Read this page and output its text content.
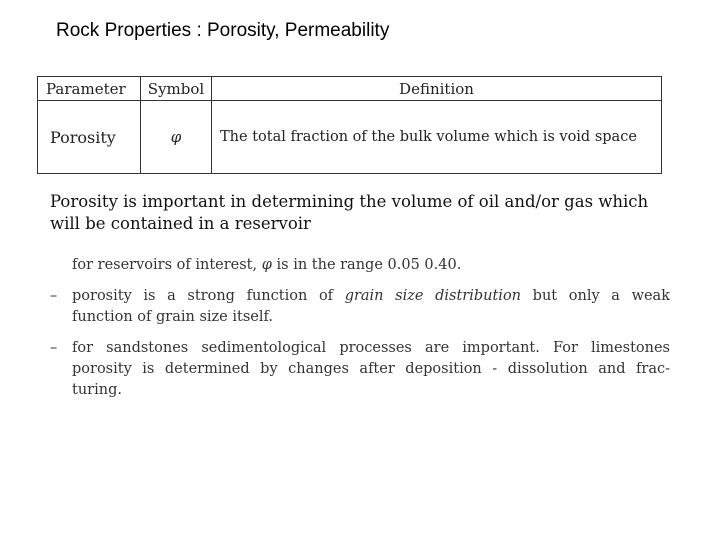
Rock Properties : Porosity, Permeability
Parameter	Symbol	Definition
Porosity	φ	The total fraction of the bulk volume which is void space
Porosity is important in determining the volume of oil and/or gas which
will be contained in a reservoir
for reservoirs of interest, φ is in the range 0.05 0.40.
– porosity is a strong function of grain size distribution but only a weak
function of grain size itself.
– for sandstones sedimentological processes are important. For limestones
porosity is determined by changes after deposition - dissolution and frac-
turing.
